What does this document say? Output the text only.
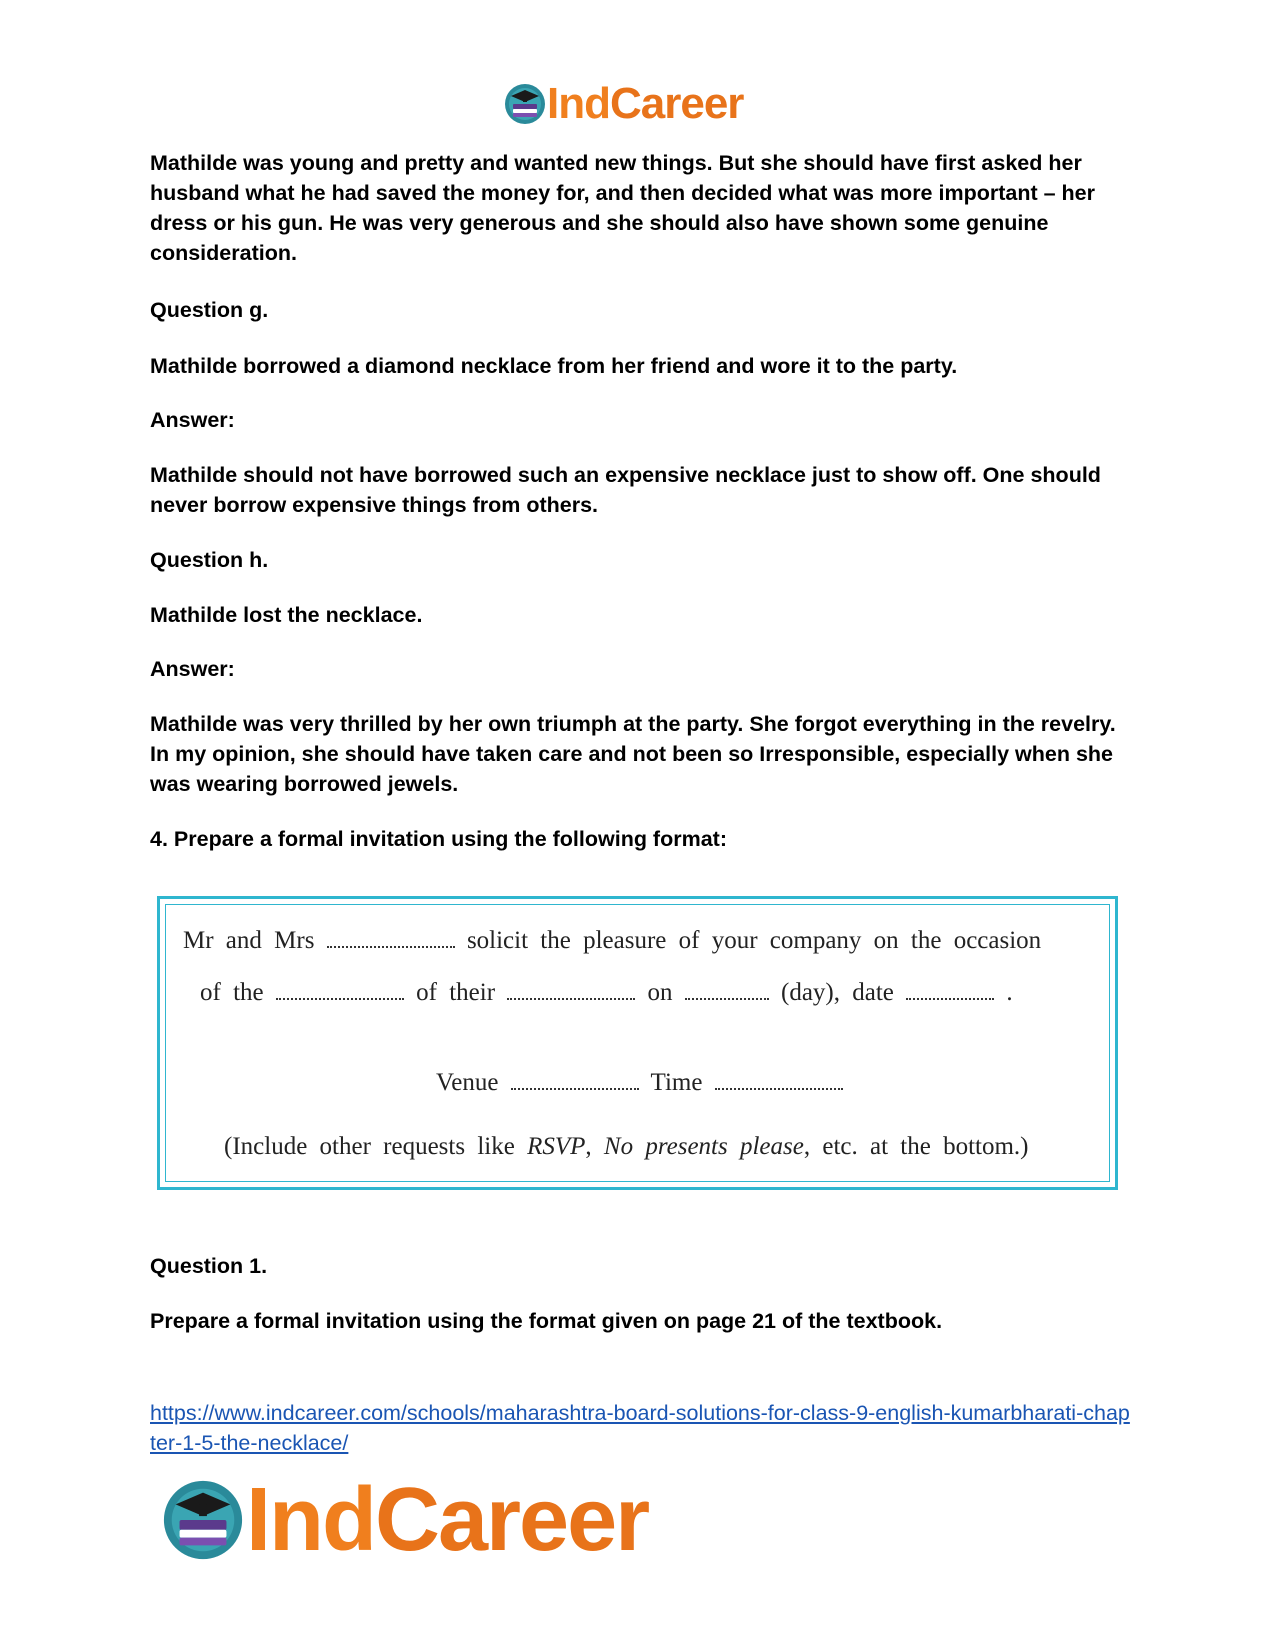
IndCareer

Mathilde was young and pretty and wanted new things. But she should have first asked her husband what he had saved the money for, and then decided what was more important – her dress or his gun. He was very generous and she should also have shown some genuine consideration.

Question g.

Mathilde borrowed a diamond necklace from her friend and wore it to the party.

Answer:

Mathilde should not have borrowed such an expensive necklace just to show off. One should never borrow expensive things from others.

Question h.

Mathilde lost the necklace.

Answer:

Mathilde was very thrilled by her own triumph at the party. She forgot everything in the revelry. In my opinion, she should have taken care and not been so Irresponsible, especially when she was wearing borrowed jewels.

4. Prepare a formal invitation using the following format:

Mr and Mrs	solicit the pleasure of your company on the occasion
of the	of their	on	(day), date	.
Venue	Time
(Include other requests like RSVP, No presents please, etc. at the bottom.)

Question 1.

Prepare a formal invitation using the format given on page 21 of the textbook.

https://www.indcareer.com/schools/maharashtra-board-solutions-for-class-9-english-kumarbharati-chapter-1-5-the-necklace/
IndCareer
